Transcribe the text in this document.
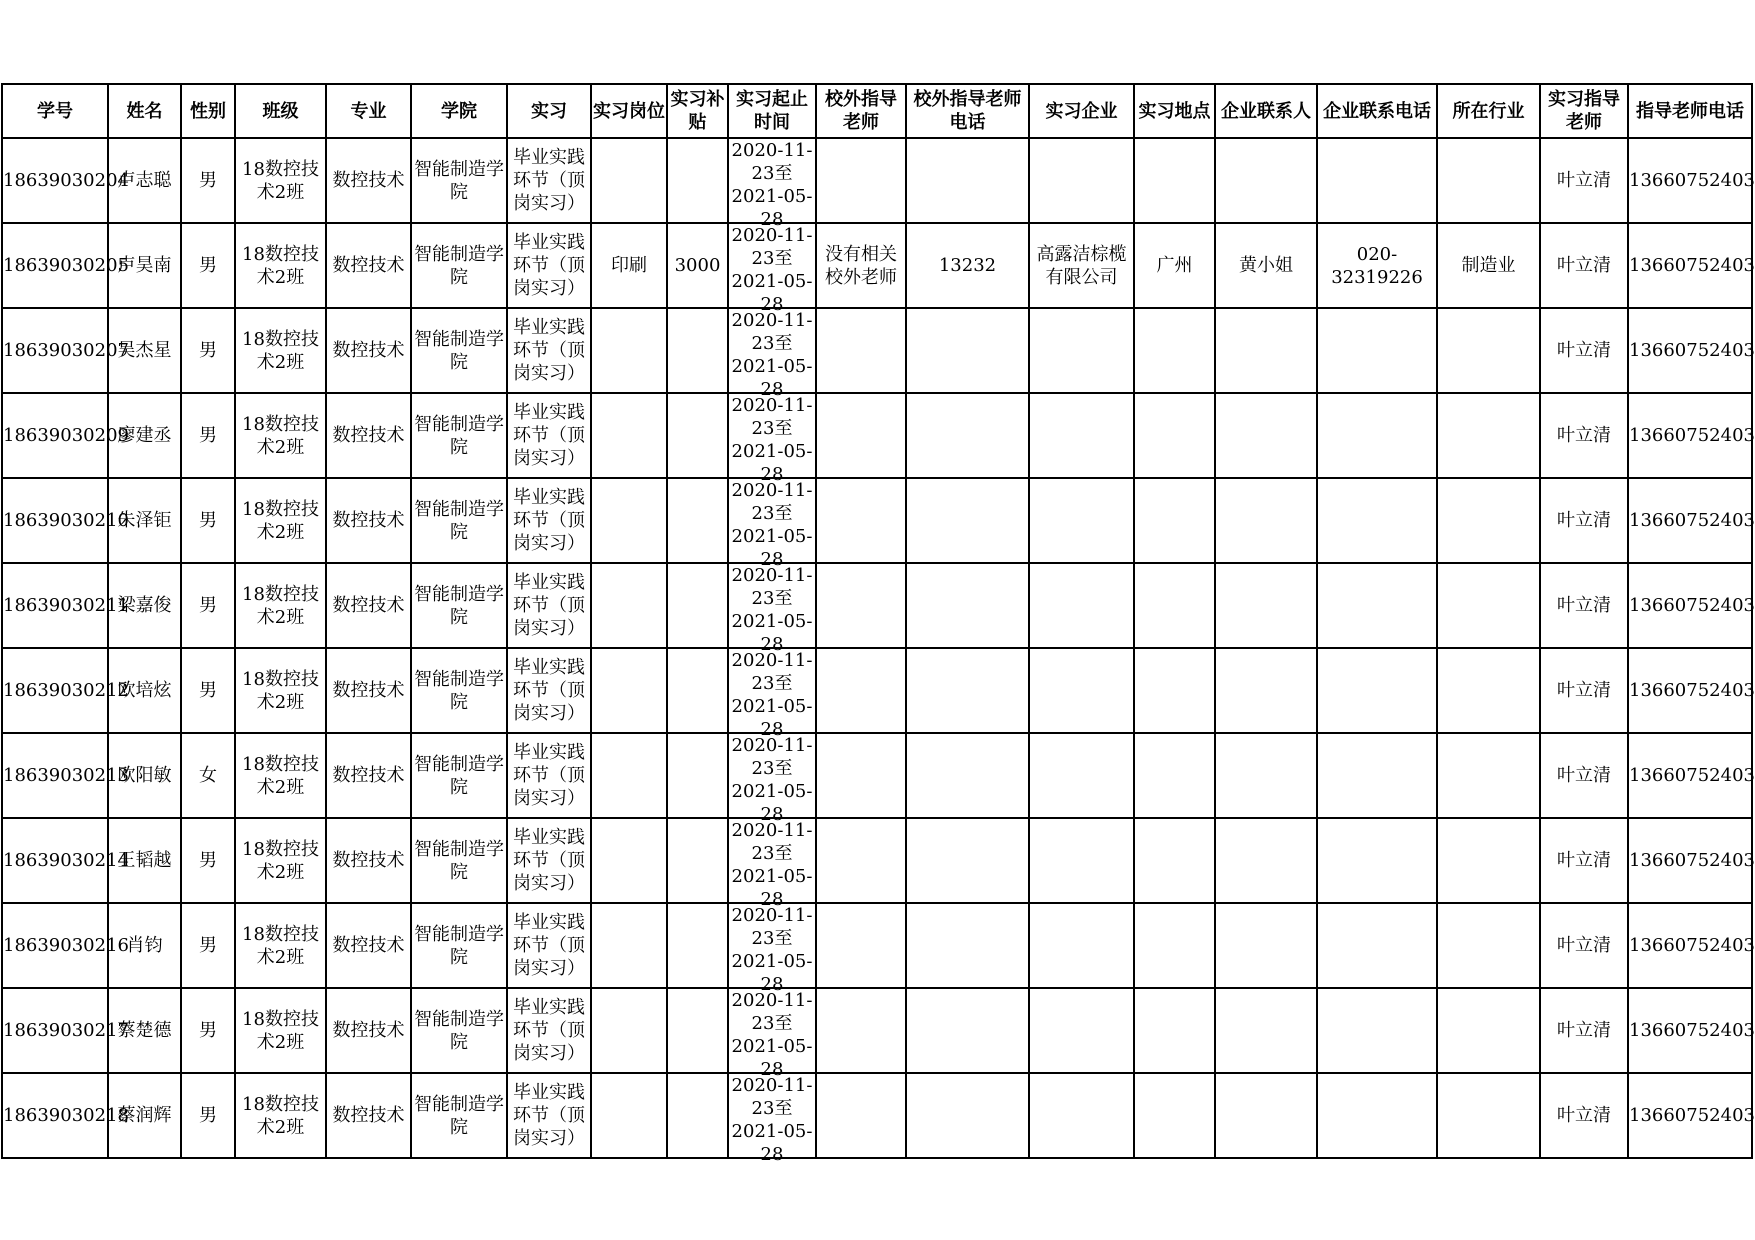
学号	姓名	性别	班级	专业	学院	实习	实习岗位	实习补贴	实习起止时间	校外指导老师	校外指导老师电话	实习企业	实习地点	企业联系人	企业联系电话	所在行业	实习指导老师	指导老师电话
18639030204	卢志聪	男	18数控技术2班	数控技术	智能制造学院	毕业实践环节（顶岗实习）			2020-11-23至2021-05-28								叶立清	13660752403
18639030205	卢昊南	男	18数控技术2班	数控技术	智能制造学院	毕业实践环节（顶岗实习）	印刷	3000	2020-11-23至2021-05-28	没有相关校外老师	13232	高露洁棕榄有限公司	广州	黄小姐	020-32319226	制造业	叶立清	13660752403
18639030207	吴杰星	男	18数控技术2班	数控技术	智能制造学院	毕业实践环节（顶岗实习）			2020-11-23至2021-05-28								叶立清	13660752403
18639030209	廖建丞	男	18数控技术2班	数控技术	智能制造学院	毕业实践环节（顶岗实习）			2020-11-23至2021-05-28								叶立清	13660752403
18639030210	朱泽钜	男	18数控技术2班	数控技术	智能制造学院	毕业实践环节（顶岗实习）			2020-11-23至2021-05-28								叶立清	13660752403
18639030211	梁嘉俊	男	18数控技术2班	数控技术	智能制造学院	毕业实践环节（顶岗实习）			2020-11-23至2021-05-28								叶立清	13660752403
18639030212	欧培炫	男	18数控技术2班	数控技术	智能制造学院	毕业实践环节（顶岗实习）			2020-11-23至2021-05-28								叶立清	13660752403
18639030213	欧阳敏	女	18数控技术2班	数控技术	智能制造学院	毕业实践环节（顶岗实习）			2020-11-23至2021-05-28								叶立清	13660752403
18639030214	王韬越	男	18数控技术2班	数控技术	智能制造学院	毕业实践环节（顶岗实习）			2020-11-23至2021-05-28								叶立清	13660752403
18639030216	肖钧	男	18数控技术2班	数控技术	智能制造学院	毕业实践环节（顶岗实习）			2020-11-23至2021-05-28								叶立清	13660752403
18639030217	蔡楚德	男	18数控技术2班	数控技术	智能制造学院	毕业实践环节（顶岗实习）			2020-11-23至2021-05-28								叶立清	13660752403
18639030218	蔡润辉	男	18数控技术2班	数控技术	智能制造学院	毕业实践环节（顶岗实习）			2020-11-23至2021-05-28								叶立清	13660752403
